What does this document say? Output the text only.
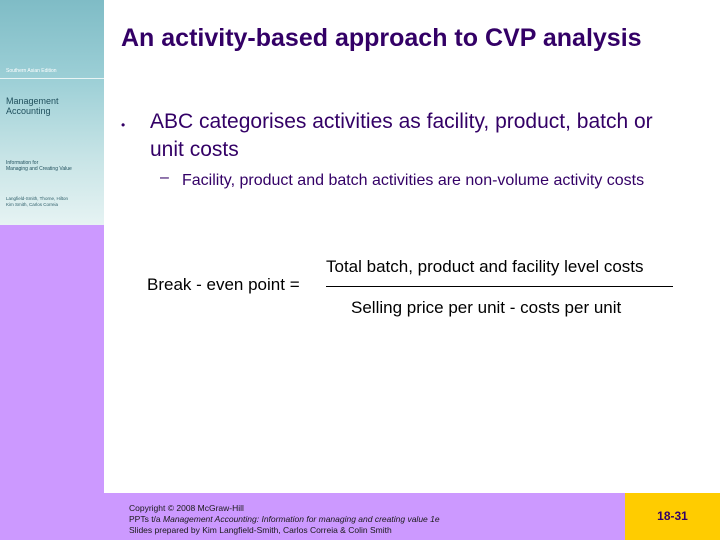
Southern Asian Edition
Management
Accounting
Information for
Managing and Creating Value
Langfield-Smith, Thorne, Hilton
Kim Smith, Carlos Correia
An activity-based approach to CVP analysis
• ABC categorises activities as facility, product, batch or unit costs
– Facility, product and batch activities are non-volume activity costs
Break - even point =
Total batch, product and facility level costs
Selling price per unit - costs per unit
Copyright © 2008 McGraw-Hill
PPTs t/a Management Accounting: Information for managing and creating value 1e
Slides prepared by Kim Langfield-Smith, Carlos Correia & Colin Smith
18-31
